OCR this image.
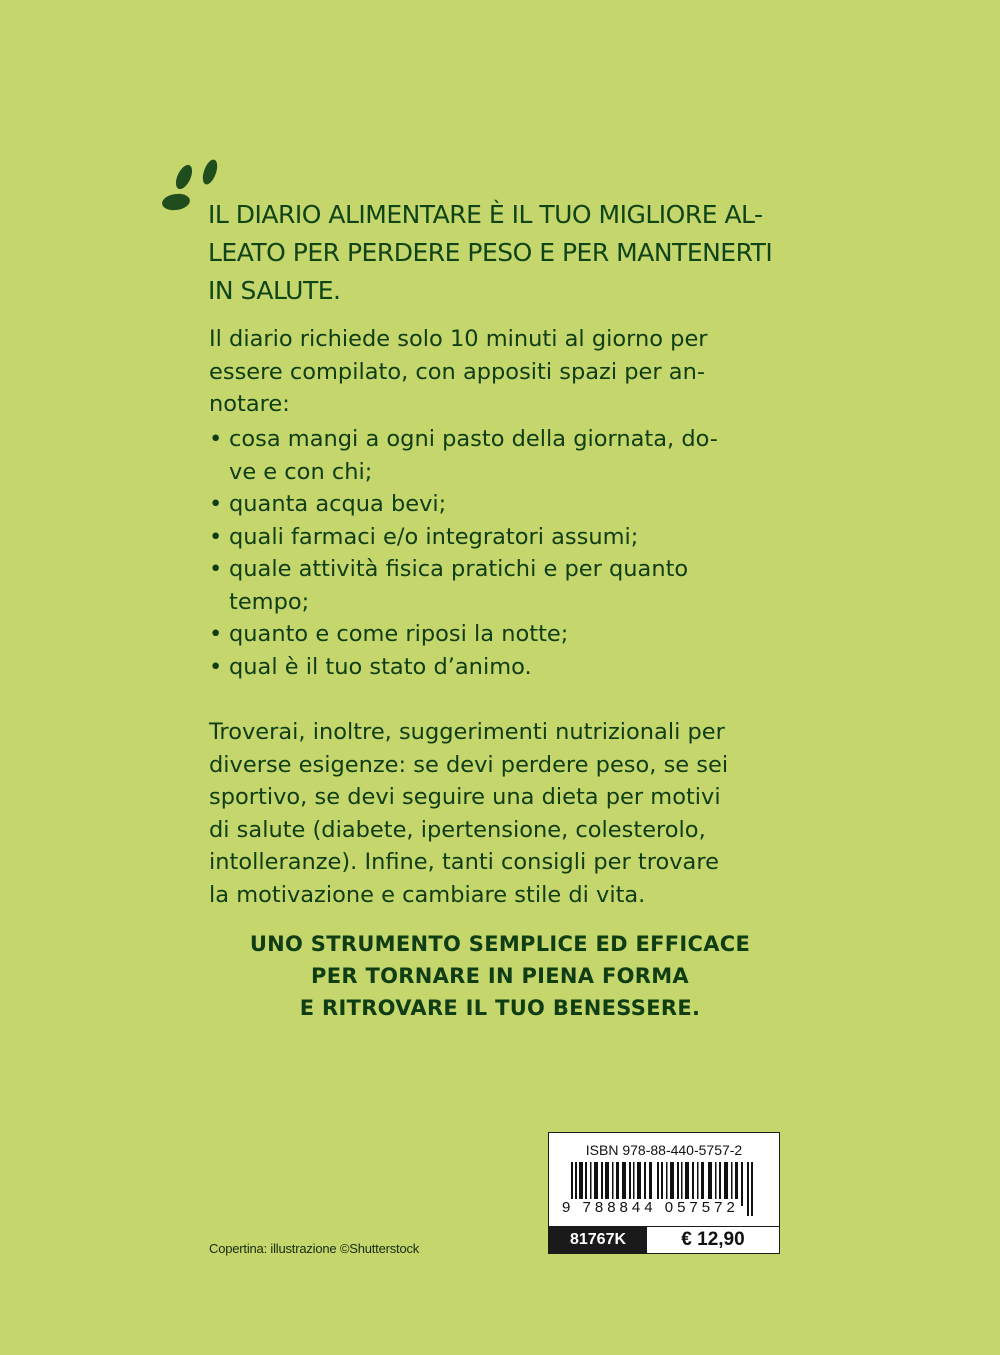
IL DIARIO ALIMENTARE È IL TUO MIGLIORE AL-
LEATO PER PERDERE PESO E PER MANTENERTI
IN SALUTE.

Il diario richiede solo 10 minuti al giorno per
essere compilato, con appositi spazi per an-
notare:

• cosa mangi a ogni pasto della giornata, do-
ve e con chi;
• quanta acqua bevi;
• quali farmaci e/o integratori assumi;
• quale attività fisica pratichi e per quanto
tempo;
• quanto e come riposi la notte;
• qual è il tuo stato d’animo.

Troverai, inoltre, suggerimenti nutrizionali per
diverse esigenze: se devi perdere peso, se sei
sportivo, se devi seguire una dieta per motivi
di salute (diabete, ipertensione, colesterolo,
intolleranze). Infine, tanti consigli per trovare
la motivazione e cambiare stile di vita.

UNO STRUMENTO SEMPLICE ED EFFICACE
PER TORNARE IN PIENA FORMA
E RITROVARE IL TUO BENESSERE.
Copertina: illustrazione ©Shutterstock
ISBN 978-88-440-5757-2
9 788844 057572
81767K	€ 12,90
